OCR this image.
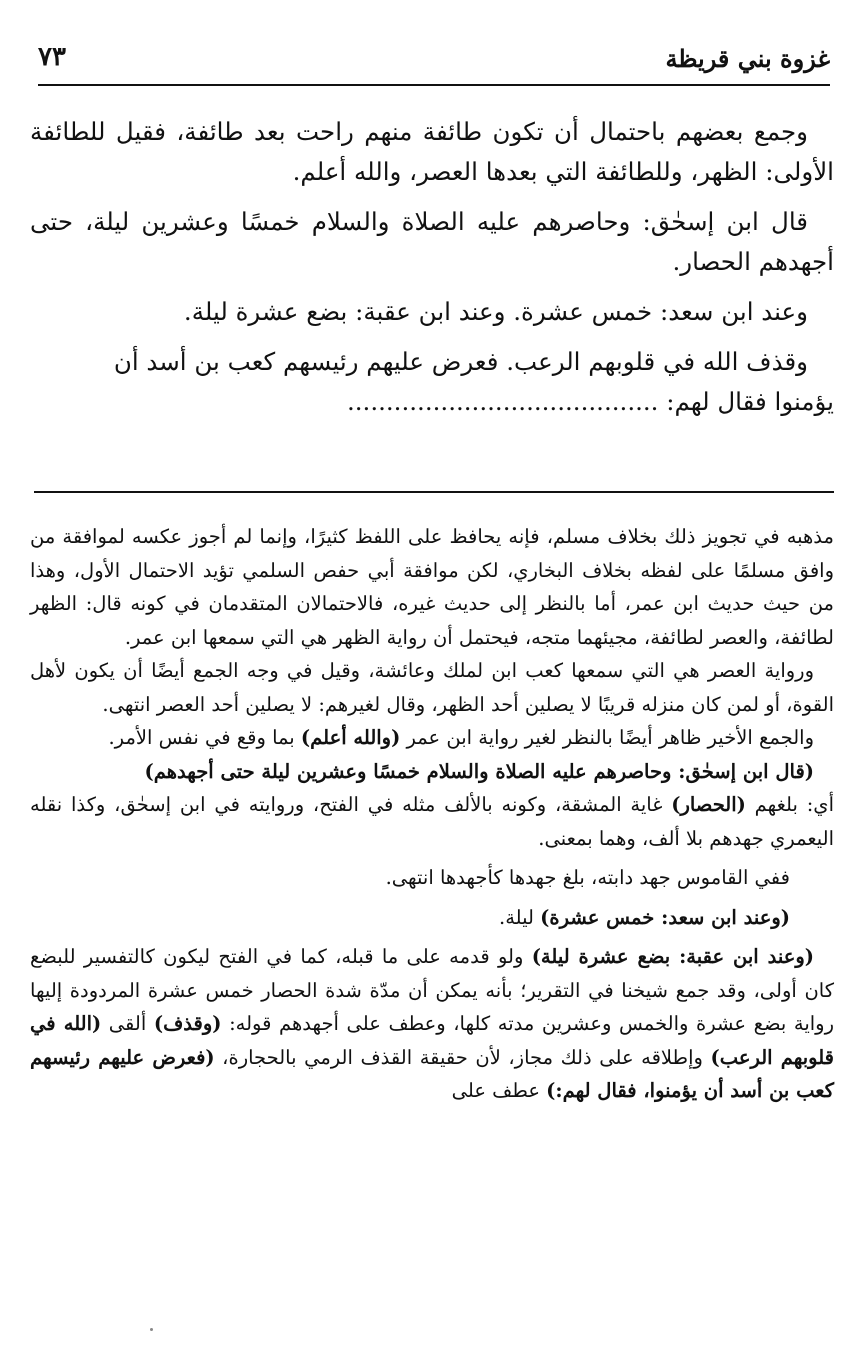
غزوة بني قريظة
٧٣

وجمع بعضهم باحتمال أن تكون طائفة منهم راحت بعد طائفة، فقيل للطائفة الأولى: الظهر، وللطائفة التي بعدها العصر، والله أعلم.

قال ابن إسحٰق: وحاصرهم عليه الصلاة والسلام خمسًا وعشرين ليلة، حتى أجهدهم الحصار.

وعند ابن سعد: خمس عشرة. وعند ابن عقبة: بضع عشرة ليلة.

وقذف الله في قلوبهم الرعب. فعرض عليهم رئيسهم كعب بن أسد أن

يؤمنوا فقال لهم: ........................................

مذهبه في تجويز ذلك بخلاف مسلم، فإنه يحافظ على اللفظ كثيرًا، وإنما لم أجوز عكسه لموافقة من وافق مسلمًا على لفظه بخلاف البخاري، لكن موافقة أبي حفص السلمي تؤيد الاحتمال الأول، وهذا من حيث حديث ابن عمر، أما بالنظر إلى حديث غيره، فالاحتمالان المتقدمان في كونه قال: الظهر لطائفة، والعصر لطائفة، مجيئهما متجه، فيحتمل أن رواية الظهر هي التي سمعها ابن عمر.

ورواية العصر هي التي سمعها كعب ابن لملك وعائشة، وقيل في وجه الجمع أيضًا أن يكون لأهل القوة، أو لمن كان منزله قريبًا لا يصلين أحد الظهر، وقال لغيرهم: لا يصلين أحد العصر انتهى.

والجمع الأخير ظاهر أيضًا بالنظر لغير رواية ابن عمر (والله أعلم) بما وقع في نفس الأمر.

(قال ابن إسحٰق: وحاصرهم عليه الصلاة والسلام خمسًا وعشرين ليلة حتى أجهدهم)

أي: بلغهم (الحصار) غاية المشقة، وكونه بالألف مثله في الفتح، وروايته في ابن إسحٰق، وكذا نقله اليعمري جهدهم بلا ألف، وهما بمعنى.

ففي القاموس جهد دابته، بلغ جهدها كأجهدها انتهى.

(وعند ابن سعد: خمس عشرة) ليلة.

(وعند ابن عقبة: بضع عشرة ليلة) ولو قدمه على ما قبله، كما في الفتح ليكون كالتفسير للبضع كان أولى، وقد جمع شيخنا في التقرير؛ بأنه يمكن أن مدّة شدة الحصار خمس عشرة المردودة إليها رواية بضع عشرة والخمس وعشرين مدته كلها، وعطف على أجهدهم قوله: (وقذف) ألقى (الله في قلوبهم الرعب) وإطلاقه على ذلك مجاز، لأن حقيقة القذف الرمي بالحجارة، (فعرض عليهم رئيسهم كعب بن أسد أن يؤمنوا، فقال لهم:) عطف على
